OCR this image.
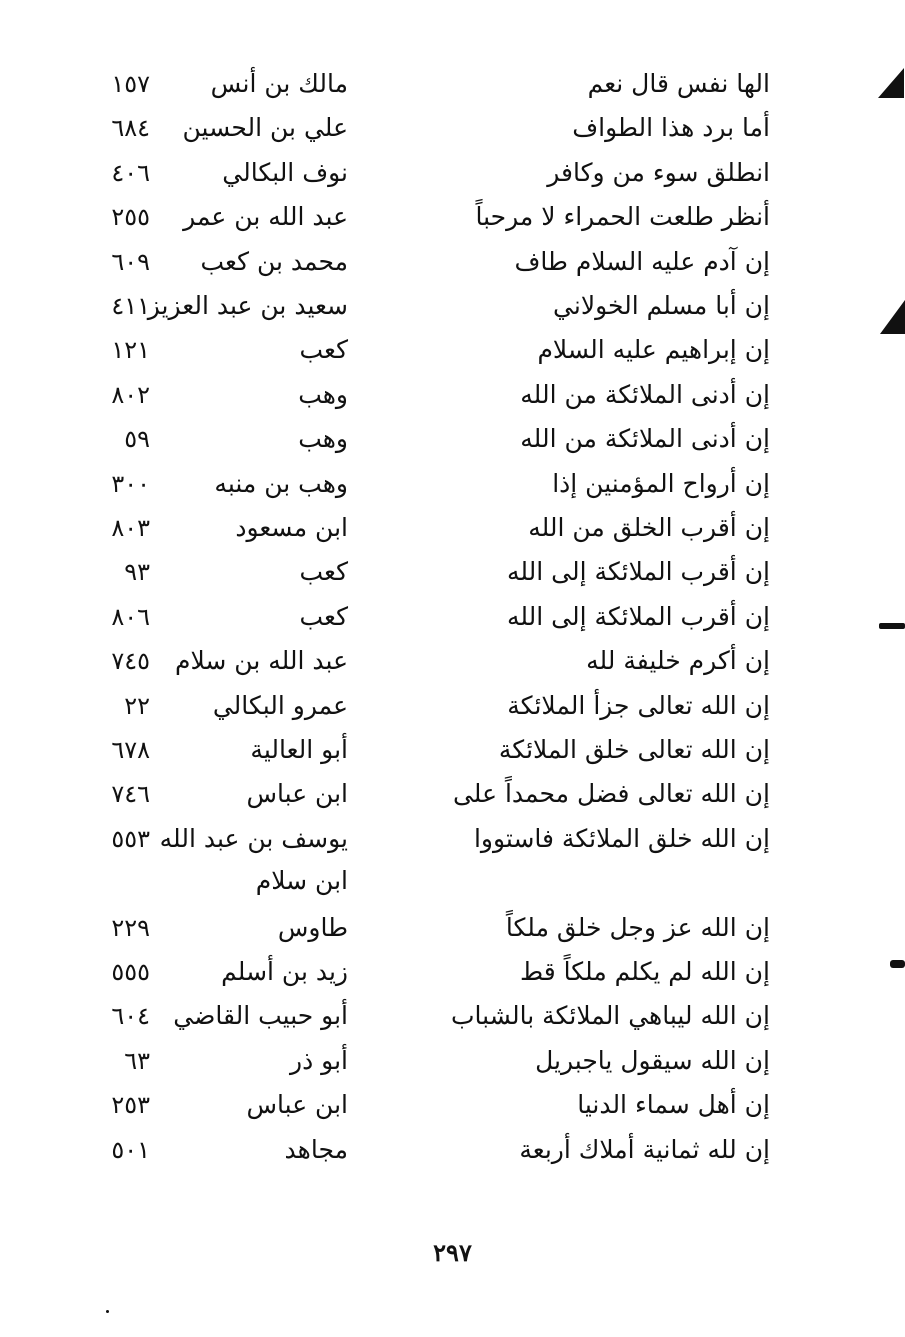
الها نفس قال نعم
مالك بن أنس
١٥٧
أما برد هذا الطواف
علي بن الحسين
٦٨٤
انطلق سوء من وكافر
نوف البكالي
٤٠٦
أنظر طلعت الحمراء لا مرحباً
عبد الله بن عمر
٢٥٥
إن آدم عليه السلام طاف
محمد بن كعب
٦٠٩
إن أبا مسلم الخولاني
سعيد بن عبد العزيز
٤١١
إن إبراهيم عليه السلام
كعب
١٢١
إن أدنى الملائكة من الله
وهب
٨٠٢
إن أدنى الملائكة من الله
وهب
٥٩
إن أرواح المؤمنين إذا
وهب بن منبه
٣٠٠
إن أقرب الخلق من الله
ابن مسعود
٨٠٣
إن أقرب الملائكة إلى الله
كعب
٩٣
إن أقرب الملائكة إلى الله
كعب
٨٠٦
إن أكرم خليفة لله
عبد الله بن سلام
٧٤٥
إن الله تعالى جزأ الملائكة
عمرو البكالي
٢٢
إن الله تعالى خلق الملائكة
أبو العالية
٦٧٨
إن الله تعالى فضل محمداً على
ابن عباس
٧٤٦
إن الله خلق الملائكة فاستووا
يوسف بن عبد الله
٥٥٣
ابن سلام
إن الله عز وجل خلق ملكاً
طاوس
٢٢٩
إن الله لم يكلم ملكاً قط
زيد بن أسلم
٥٥٥
إن الله ليباهي الملائكة بالشباب
أبو حبيب القاضي
٦٠٤
إن الله سيقول ياجبريل
أبو ذر
٦٣
إن أهل سماء الدنيا
ابن عباس
٢٥٣
إن لله ثمانية أملاك أربعة
مجاهد
٥٠١
٢٩٧
